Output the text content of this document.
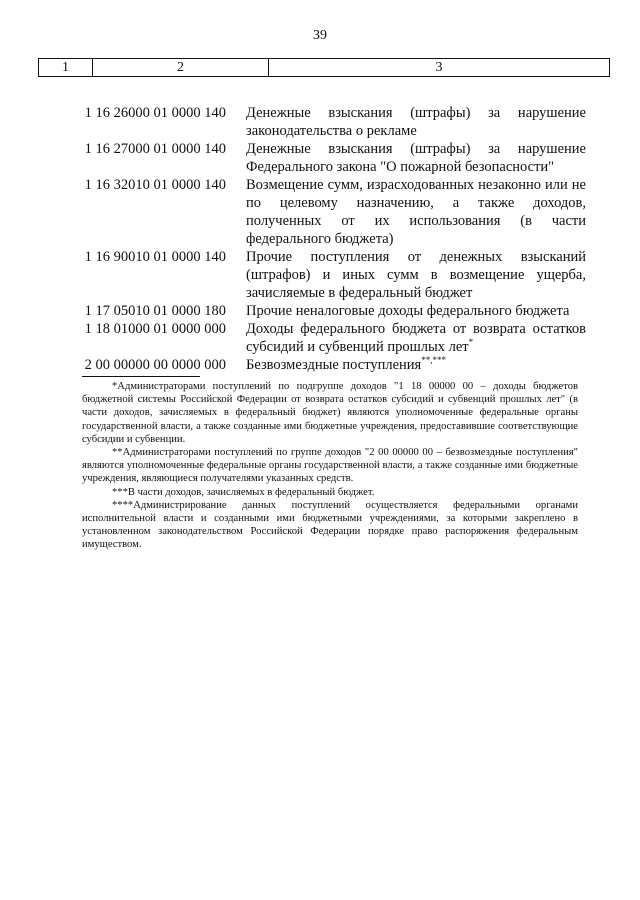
39
1	2	3
1 16 26000 01 0000 140	Денежные взыскания (штрафы) за нарушение законодательства о рекламе
1 16 27000 01 0000 140	Денежные взыскания (штрафы) за нарушение Федерального закона "О пожарной безопасности"
1 16 32010 01 0000 140	Возмещение сумм, израсходованных незаконно или не по целевому назначению, а также доходов, полученных от их использования (в части федерального бюджета)
1 16 90010 01 0000 140	Прочие поступления от денежных взысканий (штрафов) и иных сумм в возмещение ущерба, зачисляемые в федеральный бюджет
1 17 05010 01 0000 180	Прочие неналоговые доходы федерального бюджета
1 18 01000 01 0000 000	Доходы федерального бюджета от возврата остатков субсидий и субвенций прошлых лет*
2 00 00000 00 0000 000	Безвозмездные поступления**,***

*Администраторами поступлений по подгруппе доходов "1 18 00000 00 – доходы бюджетов бюджетной системы Российской Федерации от возврата остатков субсидий и субвенций прошлых лет" (в части доходов, зачисляемых в федеральный бюджет) являются уполномоченные федеральные органы государственной власти, а также созданные ими бюджетные учреждения, предоставившие соответствующие субсидии и субвенции.

**Администраторами поступлений по группе доходов "2 00 00000 00 – безвозмездные поступления" являются уполномоченные федеральные органы государственной власти, а также созданные ими бюджетные учреждения, являющиеся получателями указанных средств.

***В части доходов, зачисляемых в федеральный бюджет.

****Администрирование данных поступлений осуществляется федеральными органами исполнительной власти и созданными ими бюджетными учреждениями, за которыми закреплено в установленном законодательством Российской Федерации порядке право распоряжения федеральным имуществом.
